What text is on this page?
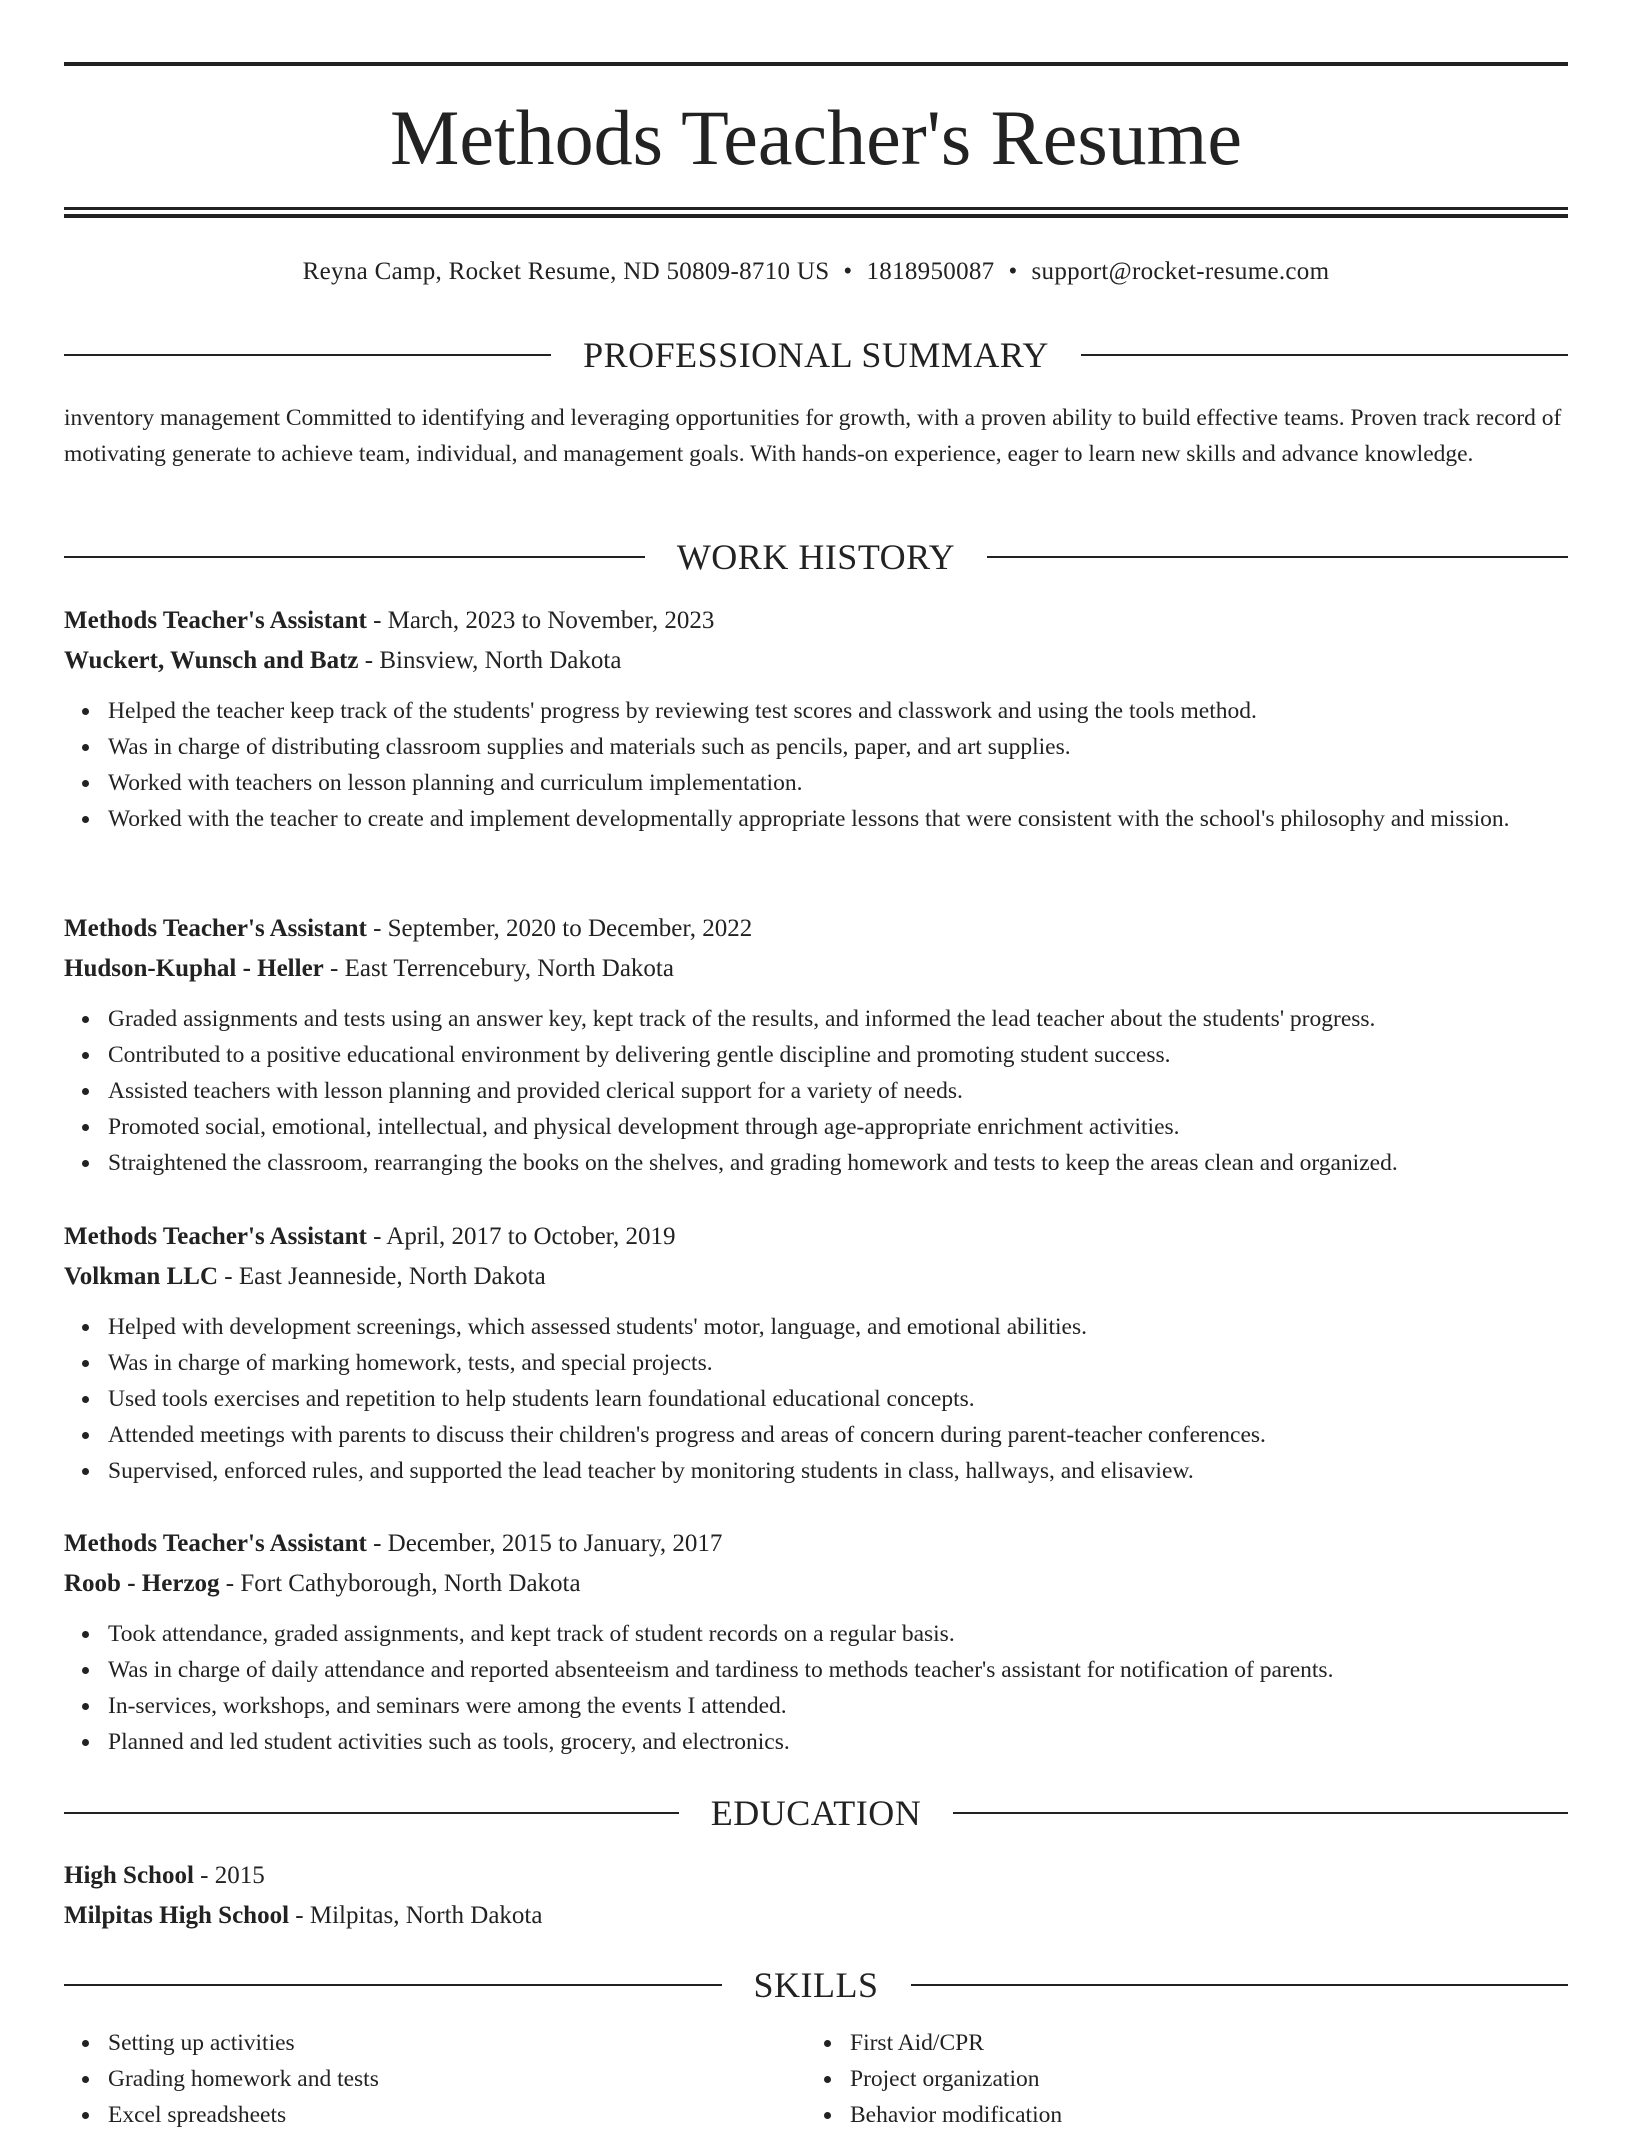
Methods Teacher's Resume
Reyna Camp, Rocket Resume, ND 50809-8710 US • 1818950087 • support@rocket-resume.com
PROFESSIONAL SUMMARY

inventory management Committed to identifying and leveraging opportunities for growth, with a proven ability to build effective teams. Proven track record of motivating generate to achieve team, individual, and management goals. With hands-on experience, eager to learn new skills and advance knowledge.

WORK HISTORY

Methods Teacher's Assistant - March, 2023 to November, 2023

Wuckert, Wunsch and Batz - Binsview, North Dakota

Helped the teacher keep track of the students' progress by reviewing test scores and classwork and using the tools method.
Was in charge of distributing classroom supplies and materials such as pencils, paper, and art supplies.
Worked with teachers on lesson planning and curriculum implementation.
Worked with the teacher to create and implement developmentally appropriate lessons that were consistent with the school's philosophy and mission.

Methods Teacher's Assistant - September, 2020 to December, 2022

Hudson-Kuphal - Heller - East Terrencebury, North Dakota

Graded assignments and tests using an answer key, kept track of the results, and informed the lead teacher about the students' progress.
Contributed to a positive educational environment by delivering gentle discipline and promoting student success.
Assisted teachers with lesson planning and provided clerical support for a variety of needs.
Promoted social, emotional, intellectual, and physical development through age-appropriate enrichment activities.
Straightened the classroom, rearranging the books on the shelves, and grading homework and tests to keep the areas clean and organized.

Methods Teacher's Assistant - April, 2017 to October, 2019

Volkman LLC - East Jeanneside, North Dakota

Helped with development screenings, which assessed students' motor, language, and emotional abilities.
Was in charge of marking homework, tests, and special projects.
Used tools exercises and repetition to help students learn foundational educational concepts.
Attended meetings with parents to discuss their children's progress and areas of concern during parent-teacher conferences.
Supervised, enforced rules, and supported the lead teacher by monitoring students in class, hallways, and elisaview.

Methods Teacher's Assistant - December, 2015 to January, 2017

Roob - Herzog - Fort Cathyborough, North Dakota

Took attendance, graded assignments, and kept track of student records on a regular basis.
Was in charge of daily attendance and reported absenteeism and tardiness to methods teacher's assistant for notification of parents.
In-services, workshops, and seminars were among the events I attended.
Planned and led student activities such as tools, grocery, and electronics.
EDUCATION

High School - 2015

Milpitas High School - Milpitas, North Dakota

SKILLS
Setting up activities
Grading homework and tests
Excel spreadsheets
First Aid/CPR
Project organization
Behavior modification
